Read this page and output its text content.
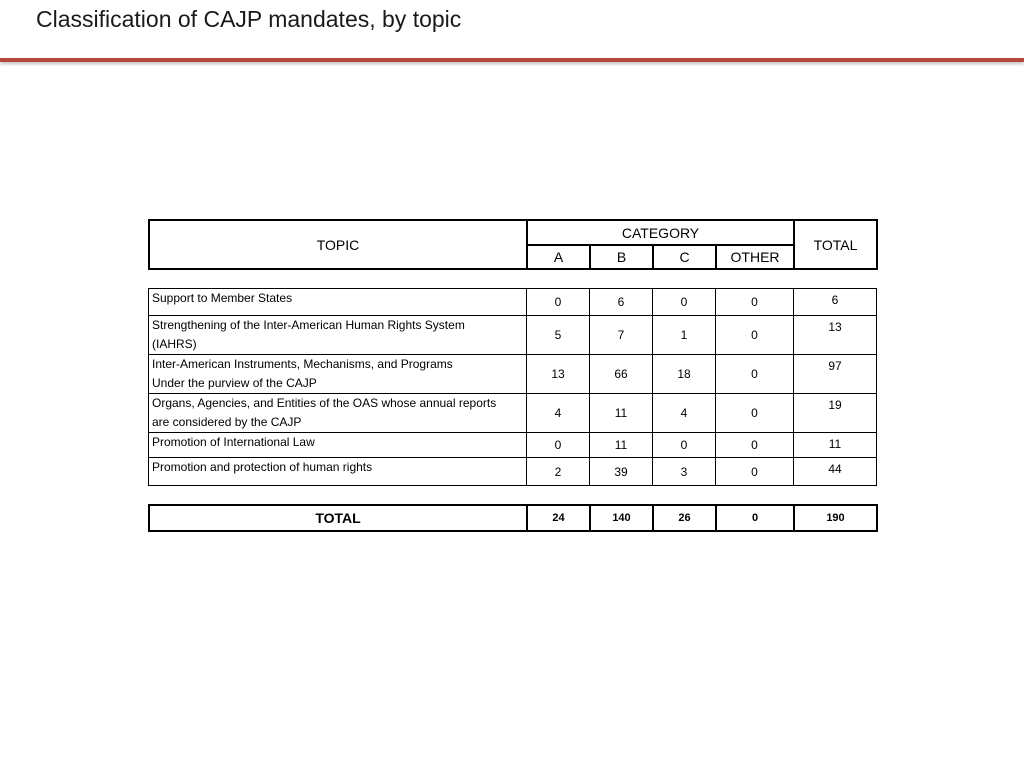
Classification of CAJP mandates, by topic
TOPIC	CATEGORY				TOTAL
	A	B	C	OTHER	
Support to Member States	0	6	0	0	6

Strengthening of the Inter-American Human Rights System
(IAHRS)	5	7	1	0	13

Inter-American Instruments, Mechanisms, and Programs
Under the purview of the CAJP	13	66	18	0	97

Organs, Agencies, and Entities of the OAS whose annual reports
are considered by the CAJP	4	11	4	0	19

Promotion of International Law	0	11	0	0	11

Promotion and protection of human rights	2	39	3	0	44
TOTAL	24	140	26	0	190
